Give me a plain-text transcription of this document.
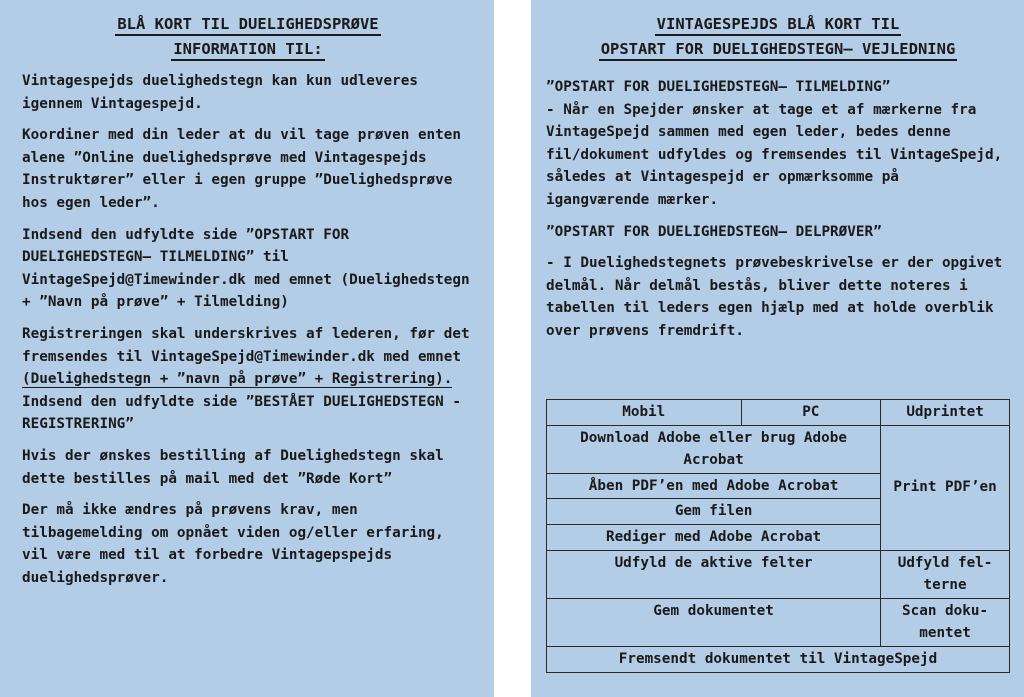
BLÅ KORT TIL DUELIGHEDSPRØVE
INFORMATION TIL:

Vintagespejds duelighedstegn kan kun udleveres igennem Vintagespejd.

Koordiner med din leder at du vil tage prøven enten alene ”Online duelighedsprøve med Vintagespejds Instruktører” eller i egen gruppe ”Duelighedsprøve hos egen leder”.

Indsend den udfyldte side ”OPSTART FOR DUELIGHEDSTEGN– TILMELDING” til VintageSpejd@Timewinder.dk med emnet (Duelighedstegn + ”Navn på prøve” + Tilmelding)

Registreringen skal underskrives af lederen, før det fremsendes til VintageSpejd@Timewinder.dk med emnet (Duelighedstegn + ”navn på prøve” + Registrering). Indsend den udfyldte side ”BESTÅET DUELIGHEDSTEGN - REGISTRERING”

Hvis der ønskes bestilling af Duelighedstegn skal dette bestilles på mail med det ”Røde Kort”

Der må ikke ændres på prøvens krav, men tilbagemelding om opnået viden og/eller erfaring, vil være med til at forbedre Vintagepspejds duelighedsprøver.

VINTAGESPEJDS BLÅ KORT TIL
OPSTART FOR DUELIGHEDSTEGN– VEJLEDNING

”OPSTART FOR DUELIGHEDSTEGN– TILMELDING”
- Når en Spejder ønsker at tage et af mærkerne fra VintageSpejd sammen med egen leder, bedes denne fil/dokument udfyldes og fremsendes til VintageSpejd, således at Vintagespejd er opmærksomme på igangværende mærker.

”OPSTART FOR DUELIGHEDSTEGN– DELPRØVER”

- I Duelighedstegnets prøvebeskrivelse er der opgivet delmål. Når delmål bestås, bliver dette noteres i tabellen til leders egen hjælp med at holde overblik over prøvens fremdrift.

Mobil	PC	Udprintet
Download Adobe eller brug Adobe Acrobat		Print PDF’en
Åben PDF’en med Adobe Acrobat		
Gem filen		
Rediger med Adobe Acrobat		
Udfyld de aktive felter		Udfyld fel-terne
Gem dokumentet		Scan doku-mentet
Fremsendt dokumentet til VintageSpejd		
